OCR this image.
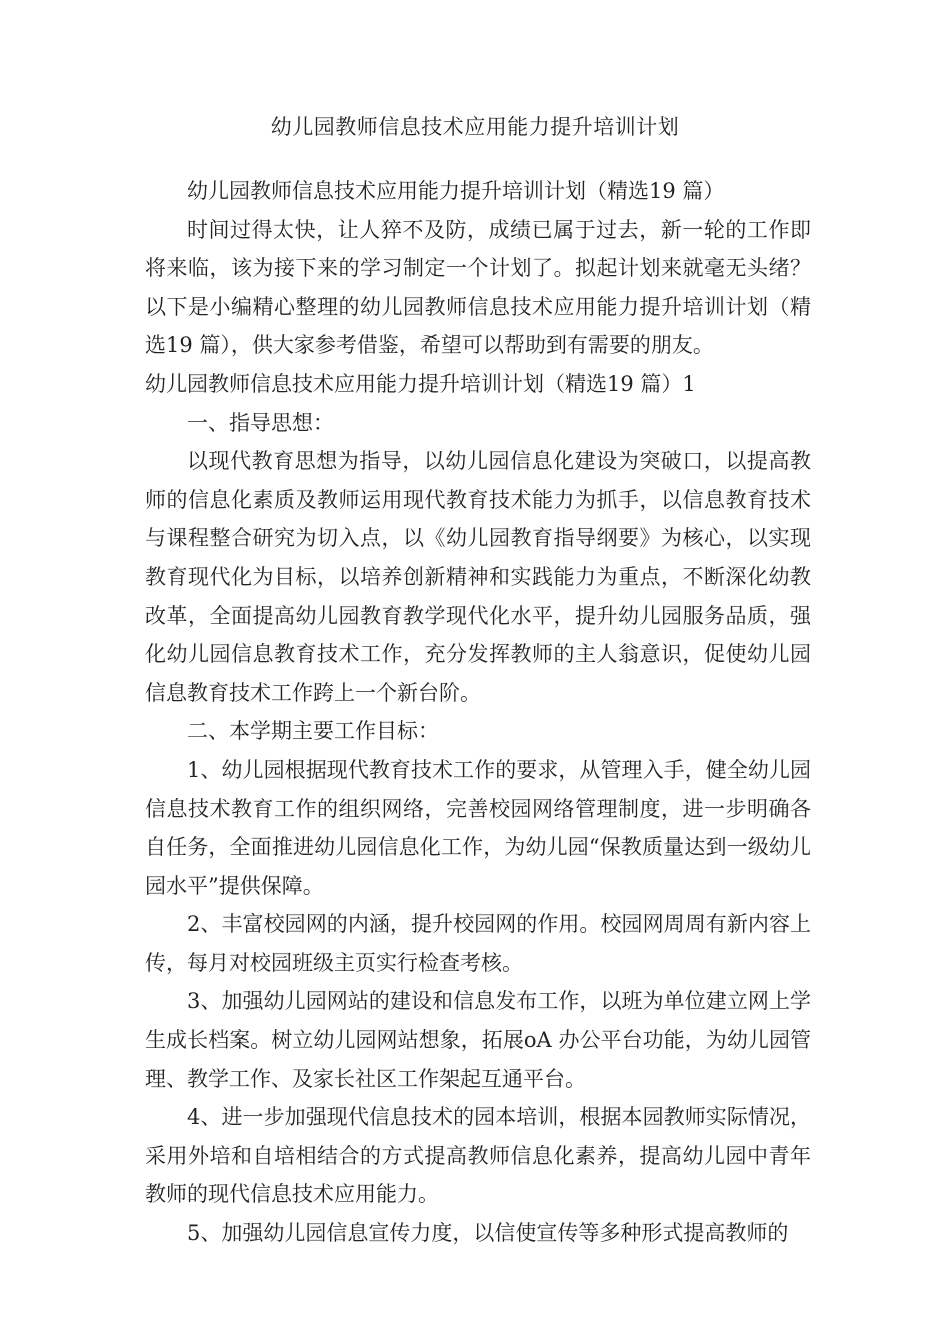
幼儿园教师信息技术应用能力提升培训计划

幼儿园教师信息技术应用能力提升培训计划（精选19 篇）

时间过得太快，让人猝不及防，成绩已属于过去，新一轮的工作即将来临，该为接下来的学习制定一个计划了。拟起计划来就毫无头绪？以下是小编精心整理的幼儿园教师信息技术应用能力提升培训计划（精选19 篇），供大家参考借鉴，希望可以帮助到有需要的朋友。

幼儿园教师信息技术应用能力提升培训计划（精选19 篇）1

一、指导思想：

以现代教育思想为指导，以幼儿园信息化建设为突破口，以提高教师的信息化素质及教师运用现代教育技术能力为抓手，以信息教育技术与课程整合研究为切入点，以《幼儿园教育指导纲要》为核心，以实现教育现代化为目标，以培养创新精神和实践能力为重点，不断深化幼教改革，全面提高幼儿园教育教学现代化水平，提升幼儿园服务品质，强化幼儿园信息教育技术工作，充分发挥教师的主人翁意识，促使幼儿园信息教育技术工作跨上一个新台阶。

二、本学期主要工作目标：

1、幼儿园根据现代教育技术工作的要求，从管理入手，健全幼儿园信息技术教育工作的组织网络，完善校园网络管理制度，进一步明确各自任务，全面推进幼儿园信息化工作，为幼儿园“保教质量达到一级幼儿园水平”提供保障。

2、丰富校园网的内涵，提升校园网的作用。校园网周周有新内容上传，每月对校园班级主页实行检查考核。

3、加强幼儿园网站的建设和信息发布工作，以班为单位建立网上学生成长档案。树立幼儿园网站想象，拓展oA 办公平台功能，为幼儿园管理、教学工作、及家长社区工作架起互通平台。

4、进一步加强现代信息技术的园本培训，根据本园教师实际情况，采用外培和自培相结合的方式提高教师信息化素养，提高幼儿园中青年教师的现代信息技术应用能力。

5、加强幼儿园信息宣传力度，以信使宣传等多种形式提高教师的
